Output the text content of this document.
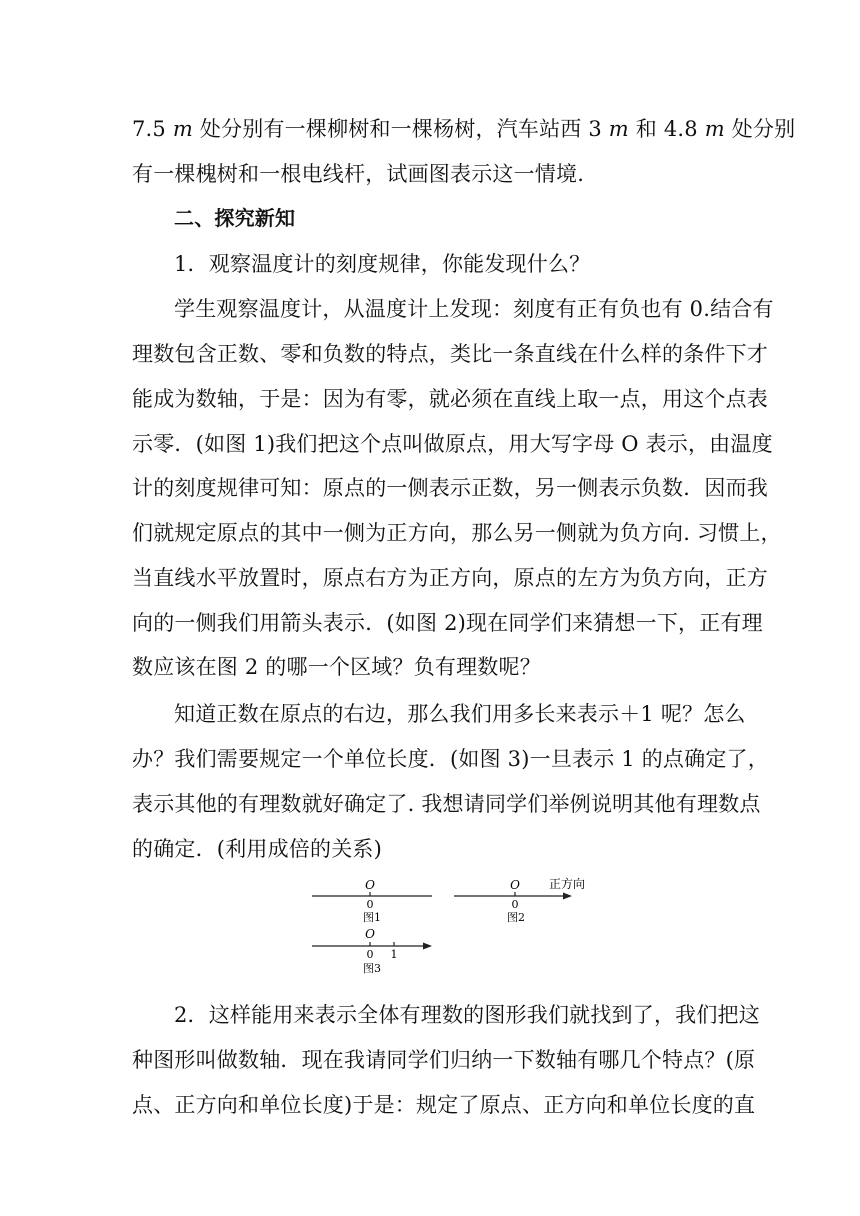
7.5 m 处分别有一棵柳树和一棵杨树，汽车站西 3 m 和 4.8 m 处分别
有一棵槐树和一根电线杆，试画图表示这一情境.
二、探究新知
1．观察温度计的刻度规律，你能发现什么？
学生观察温度计，从温度计上发现：刻度有正有负也有 0.结合有
理数包含正数、零和负数的特点，类比一条直线在什么样的条件下才
能成为数轴，于是：因为有零，就必须在直线上取一点，用这个点表
示零．(如图 1)我们把这个点叫做原点，用大写字母 O 表示，由温度
计的刻度规律可知：原点的一侧表示正数，另一侧表示负数．因而我
们就规定原点的其中一侧为正方向，那么另一侧就为负方向. 习惯上，
当直线水平放置时，原点右方为正方向，原点的左方为负方向，正方
向的一侧我们用箭头表示．(如图 2)现在同学们来猜想一下，正有理
数应该在图 2 的哪一个区域？负有理数呢？
知道正数在原点的右边，那么我们用多长来表示＋1 呢？怎么
办？我们需要规定一个单位长度．(如图 3)一旦表示 1 的点确定了，
表示其他的有理数就好确定了. 我想请同学们举例说明其他有理数点
的确定．(利用成倍的关系)
O
0
图1
O 正方向
0
图2
O
0 1
图3
2．这样能用来表示全体有理数的图形我们就找到了，我们把这
种图形叫做数轴．现在我请同学们归纳一下数轴有哪几个特点？(原
点、正方向和单位长度)于是：规定了原点、正方向和单位长度的直
